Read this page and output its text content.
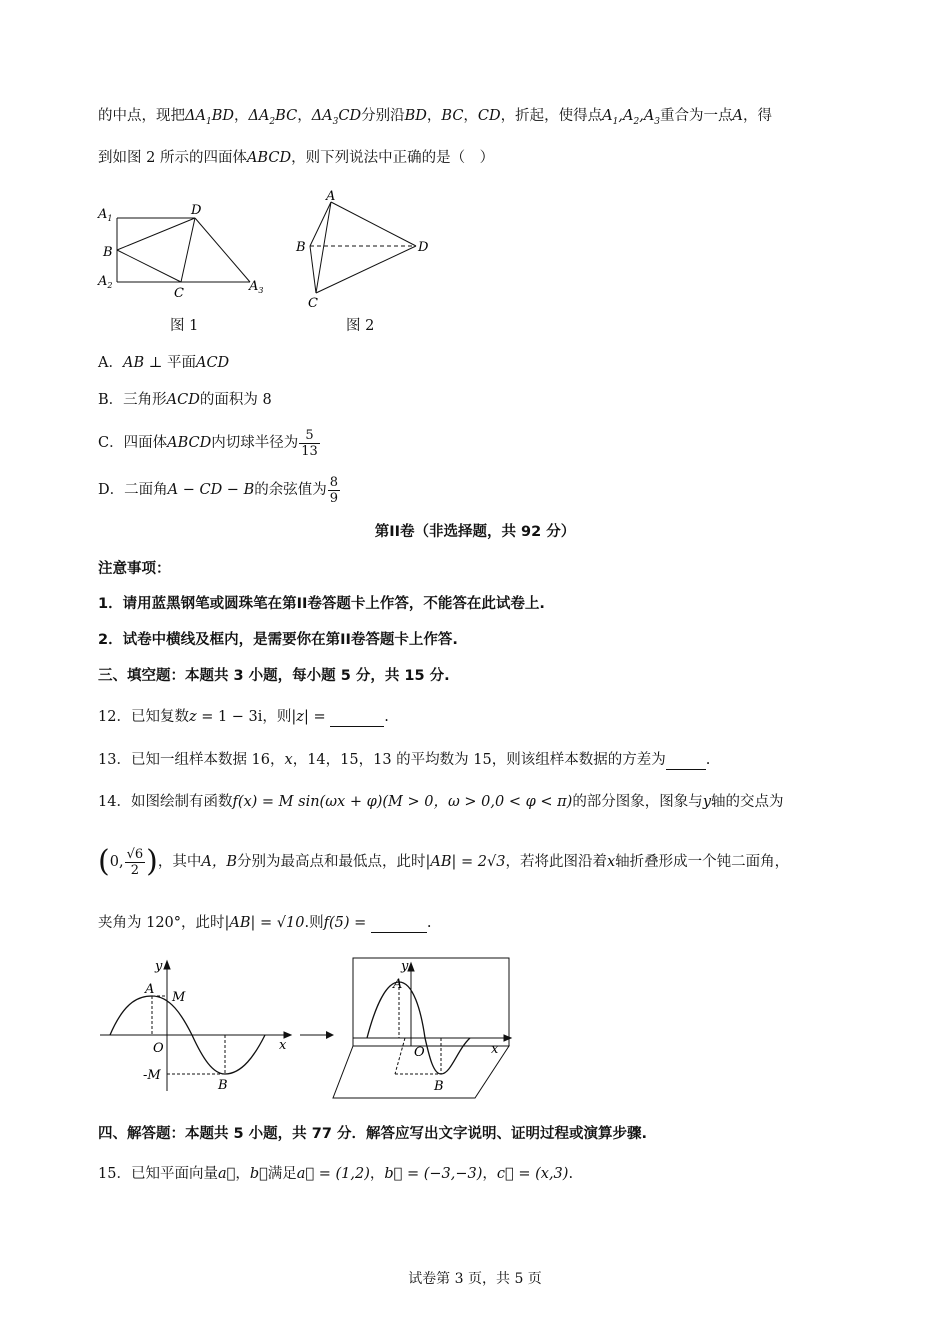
的中点，现把$\Delta A_1BD$，$\Delta A_2BC$，$\Delta A_3CD$分别沿BD，BC，CD，折起，使得点$A_1,A_2,A_3$重合为一点A，得
到如图 2 所示的四面体ABCD，则下列说法中正确的是（　）
$A_1$
D
B
$A_2$
C	$A_3$
图 1
A
B	D
C
图 2
A．AB ⊥ 平面ACD
B．三角形ACD的面积为 8
C．四面体ABCD内切球半径为 $\frac{5}{13}$
D．二面角A − CD − B的余弦值为 $\frac{8}{9}$
第II卷（非选择题，共 92 分）
注意事项：
1．请用蓝黑钢笔或圆珠笔在第II卷答题卡上作答，不能答在此试卷上.
2．试卷中横线及框内，是需要你在第II卷答题卡上作答.
三、填空题：本题共 3 小题，每小题 5 分，共 15 分.
12．已知复数z = 1 − 3i，则|z| =	.
13．已知一组样本数据 16，x，14，15，13 的平均数为 15，则该组样本数据的方差为	.
14．如图绘制有函数f(x) = M sin(ωx + φ)(M > 0，ω > 0,0 < φ < π)的部分图象，图象与y轴的交点为
(0, $\frac{√6}{2}$ )，其中A，B分别为最高点和最低点，此时|AB| = 2√3，若将此图沿着x轴折叠形成一个钝二面角，
夹角为 120°，此时|AB| = √10.则f(5) =	.
y
x
A
M
O
-M
B
y
x
A
O
B
四、解答题：本题共 5 小题，共 77 分．解答应写出文字说明、证明过程或演算步骤.
15．已知平面向量a⃗，b⃗满足a⃗ = (1,2)，b⃗ = (−3,−3)，c⃗ = (x,3).
试卷第 3 页，共 5 页
